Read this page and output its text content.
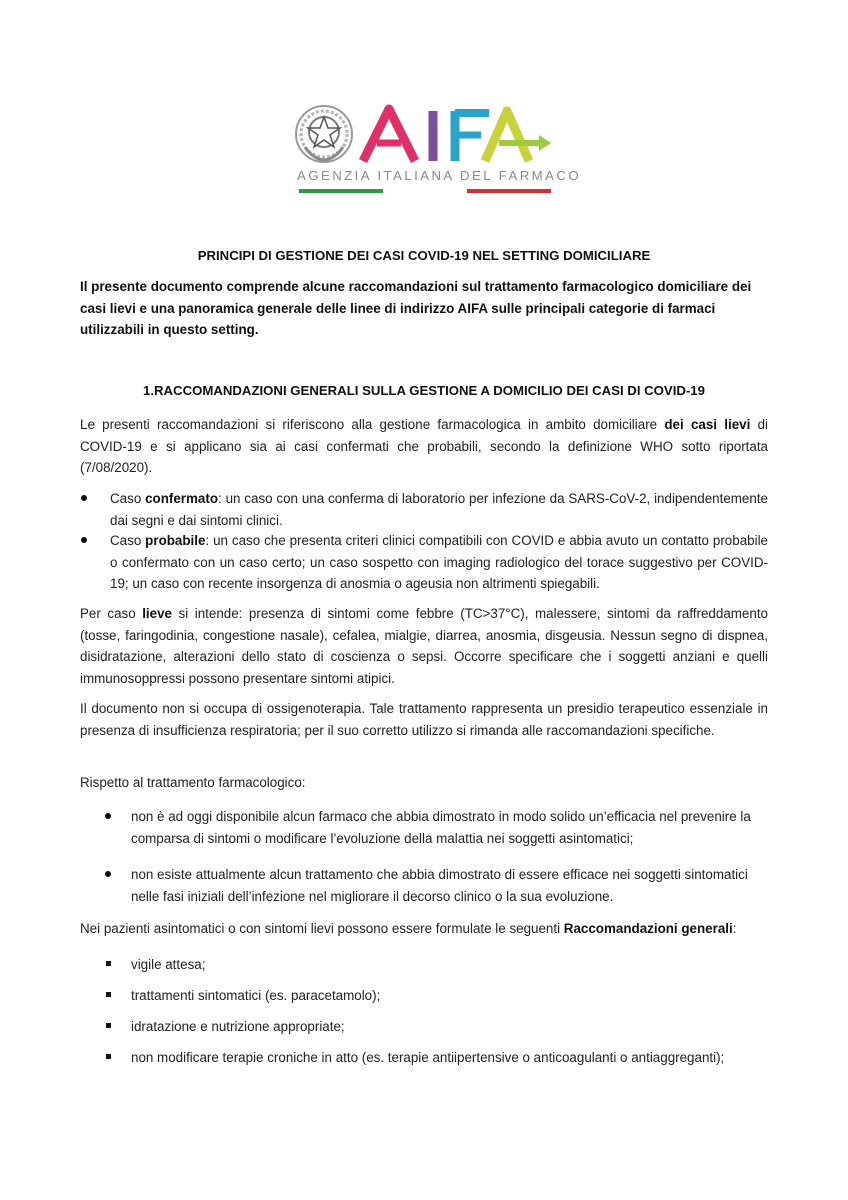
AGENZIA ITALIANA DEL FARMACO

PRINCIPI DI GESTIONE DEI CASI COVID-19 NEL SETTING DOMICILIARE

Il presente documento comprende alcune raccomandazioni sul trattamento farmacologico domiciliare dei casi lievi e una panoramica generale delle linee di indirizzo AIFA sulle principali categorie di farmaci utilizzabili in questo setting.

1.RACCOMANDAZIONI GENERALI SULLA GESTIONE A DOMICILIO DEI CASI DI COVID-19

Le presenti raccomandazioni si riferiscono alla gestione farmacologica in ambito domiciliare dei casi lievi di COVID-19 e si applicano sia ai casi confermati che probabili, secondo la definizione WHO sotto riportata (7/08/2020).

Caso confermato: un caso con una conferma di laboratorio per infezione da SARS-CoV-2, indipendentemente dai segni e dai sintomi clinici.

Caso probabile: un caso che presenta criteri clinici compatibili con COVID e abbia avuto un contatto probabile o confermato con un caso certo; un caso sospetto con imaging radiologico del torace suggestivo per COVID-19; un caso con recente insorgenza di anosmia o ageusia non altrimenti spiegabili.

Per caso lieve si intende: presenza di sintomi come febbre (TC>37°C), malessere, sintomi da raffreddamento (tosse, faringodinia, congestione nasale), cefalea, mialgie, diarrea, anosmia, disgeusia. Nessun segno di dispnea, disidratazione, alterazioni dello stato di coscienza o sepsi. Occorre specificare che i soggetti anziani e quelli immunosoppressi possono presentare sintomi atipici.

Il documento non si occupa di ossigenoterapia. Tale trattamento rappresenta un presidio terapeutico essenziale in presenza di insufficienza respiratoria; per il suo corretto utilizzo si rimanda alle raccomandazioni specifiche.

Rispetto al trattamento farmacologico:

non è ad oggi disponibile alcun farmaco che abbia dimostrato in modo solido un’efficacia nel prevenire la comparsa di sintomi o modificare l’evoluzione della malattia nei soggetti asintomatici;

non esiste attualmente alcun trattamento che abbia dimostrato di essere efficace nei soggetti sintomatici nelle fasi iniziali dell’infezione nel migliorare il decorso clinico o la sua evoluzione.

Nei pazienti asintomatici o con sintomi lievi possono essere formulate le seguenti Raccomandazioni generali:

vigile attesa;

trattamenti sintomatici (es. paracetamolo);

idratazione e nutrizione appropriate;

non modificare terapie croniche in atto (es. terapie antiipertensive o anticoagulanti o antiaggreganti);
